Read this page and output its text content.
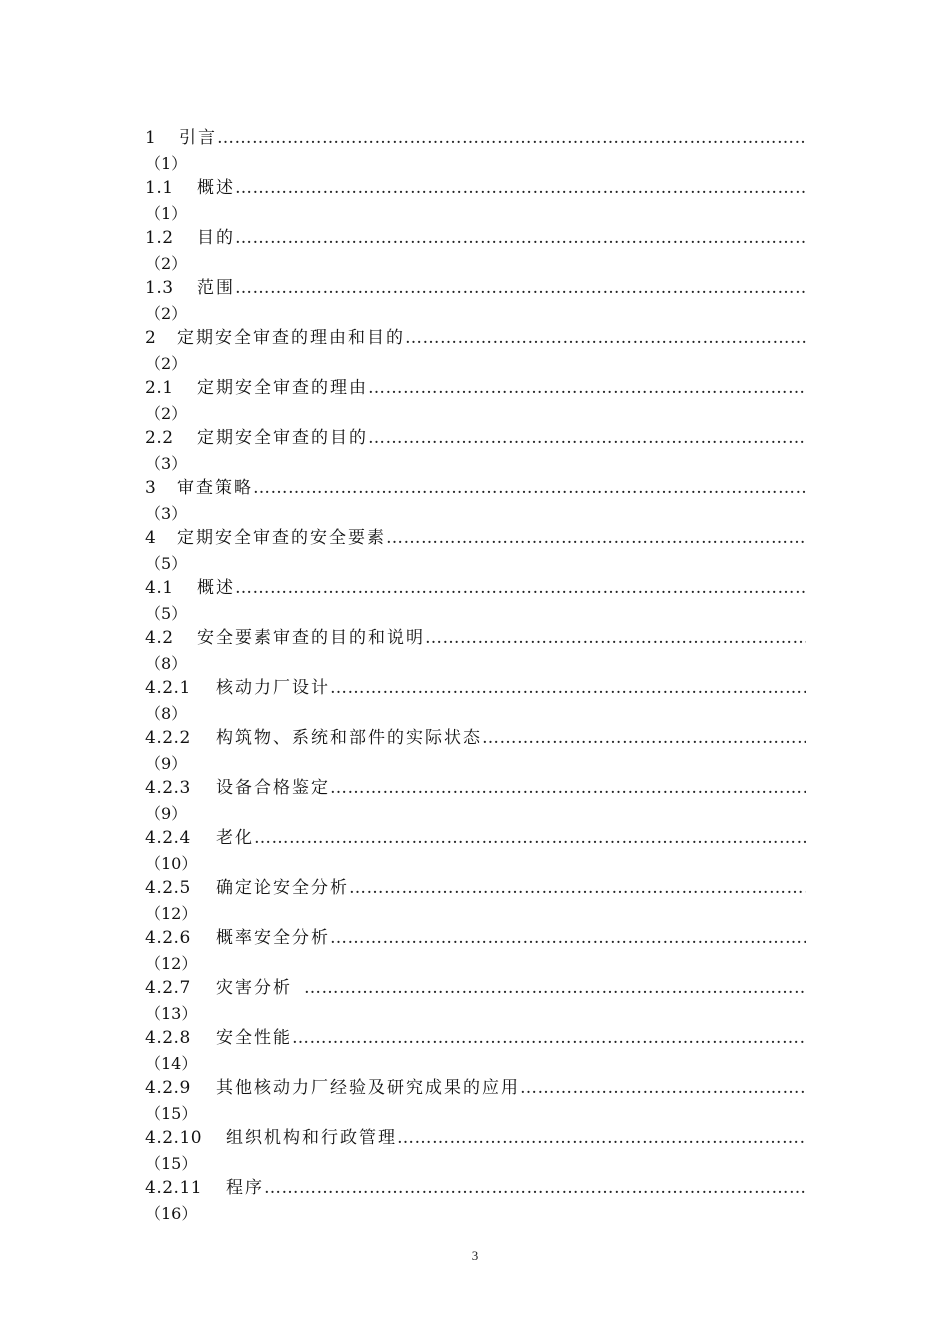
1	引言
……………………………………………………………………………………………………………………………………………………………………………………
（1）
1.1	概述
……………………………………………………………………………………………………………………………………………………………………………………
（1）
1.2	目的
……………………………………………………………………………………………………………………………………………………………………………………
（2）
1.3	范围
……………………………………………………………………………………………………………………………………………………………………………………
（2）
2	定期安全审查的理由和目的
……………………………………………………………………………………………………………………………………………………………………………………
（2）
2.1	定期安全审查的理由
……………………………………………………………………………………………………………………………………………………………………………………
（2）
2.2	定期安全审查的目的
……………………………………………………………………………………………………………………………………………………………………………………
（3）
3	审查策略
……………………………………………………………………………………………………………………………………………………………………………………
（3）
4	定期安全审查的安全要素
……………………………………………………………………………………………………………………………………………………………………………………
（5）
4.1	概述
……………………………………………………………………………………………………………………………………………………………………………………
（5）
4.2	安全要素审查的目的和说明
……………………………………………………………………………………………………………………………………………………………………………………
（8）
4.2.1	核动力厂设计
……………………………………………………………………………………………………………………………………………………………………………………
（8）
4.2.2	构筑物、系统和部件的实际状态
……………………………………………………………………………………………………………………………………………………………………………………
（9）
4.2.3	设备合格鉴定
……………………………………………………………………………………………………………………………………………………………………………………
（9）
4.2.4	老化
……………………………………………………………………………………………………………………………………………………………………………………
（10）
4.2.5	确定论安全分析
……………………………………………………………………………………………………………………………………………………………………………………
（12）
4.2.6	概率安全分析
……………………………………………………………………………………………………………………………………………………………………………………
（12）
4.2.7	灾害分析
……………………………………………………………………………………………………………………………………………………………………………………
（13）
4.2.8	安全性能
……………………………………………………………………………………………………………………………………………………………………………………
（14）
4.2.9	其他核动力厂经验及研究成果的应用
……………………………………………………………………………………………………………………………………………………………………………………
（15）
4.2.10	组织机构和行政管理
……………………………………………………………………………………………………………………………………………………………………………………
（15）
4.2.11	程序
……………………………………………………………………………………………………………………………………………………………………………………
（16）
3
